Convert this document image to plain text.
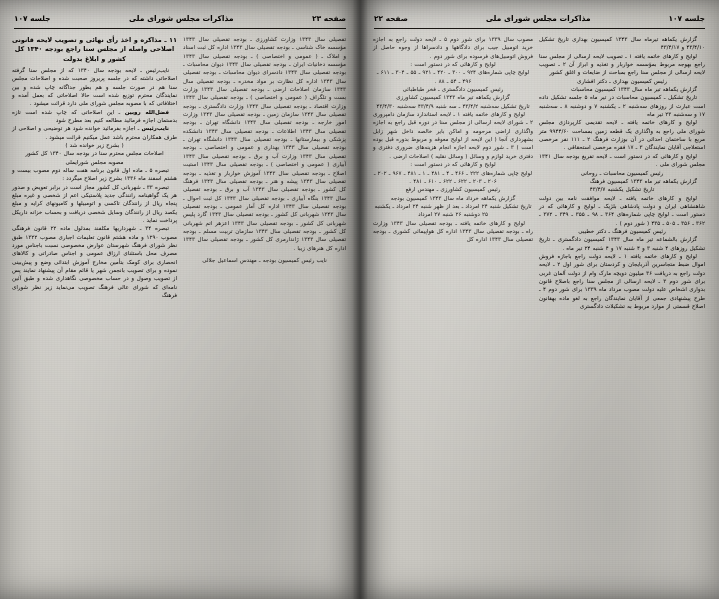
صفحه ۲۳
مذاکرات مجلس شورای ملی
جلسه ۱۰۷

۱۱ ـ مذاکره و اخذ رأی نهائی و تصویب لایحه قانونی اصلاحی واصله از مجلس سنا راجع بودجه ۱۳۴۰ کل کشور و ابلاغ بدولت

نایب‌رئیس ـ لایحه بودجه سال ۱۳۴۰ که از مجلس سنا گرفته اصلاحاتی داشته که در جلسه پریروز صحبت شده و اصلاحات مجلس سنا هم در صورت جلسه و هم بطور جداگانه چاپ شده و بین نمایندگان محترم توزیع شده است حالا اصلاحاتی که بعمل آمده و اختلافاتی که با مصوبه مجلس شورای ملی دارد قرائت میشود .

فضل‌الله روبین ـ این اصلاحاتی که چاپ شده است تازه بدستمان اجازه فرمائید مطالعه کنیم بعد مطرح شود

نایب‌رئیس ـ اجازه بفرمائید خوانده شود هر توضیحی و اصلاحی از طرف همکاران محترم باشد عمل میکنیم قرائت میشود .

( بشرح زیر خوانده شد )

اصلاحات مجلس محترم سنا در بودجه سال ۱۳۴۰ کل کشور

مصوبه مجلس شورایملی

تبصره ۵ ـ ماده اول قانون برنامه هفت ساله دوم مصوب بیست و هشتم اسفند ماه ۱۳۳۶ بشرح زیر اصلاح میگردد :

تبصره ۳۳ ـ شهربانی کل کشور مجاز است در برابر تعویض و صدور هر یک گواهینامه رانندگی جدید پلاستیکی اعم از شخصی و غیره مبلغ پنجاه ریال از رانندگان تاکسی و اتومبیلها و کامیونهای کرایه و مبلغ یکصد ریال از رانندگان وسایل شخصی دریافت و بحساب خزانه داریکل پرداخت نماید .

تبصره ۳۴ ـ شهرداریها مکلفند بمدلول ماده ۲۲ قانون فرهنگی مصوب ۱۲۹۰ و ماده هشتم قانون تعلیمات اجباری مصوب ۱۳۲۲ طبق نظر شورای فرهنگ شهرستان عوارض مخصوصی نسبت باجناس مورد مصرف محل باستثنای ارزاق عمومی و اجناس صادراتی و کالاهای انحصاری برای کومک بتأمین مخارج آموزش ابتدائی وضع و پیش‌بینی نموده و برای تصویب بانجمن شهر یا قائم مقام آن پیشنهاد نمایند پس از تصویب وصول و در حساب مخصوصی نگاهداری شده و طبق آئین نامه‌ای که شورای عالی فرهنگ تصویب می‌نماید زیر نظر شورای فرهنگ

تفصیلی سال ۱۳۴۳ وزارت کشاورزی ـ بودجه تفصیلی سال ۱۳۴۳ مؤسسه خاک شناسی ـ بودجه تفصیلی سال ۱۳۴۳ اداره کل ثبت اسناد و املاک ـ ( عمومی و اختصاصی ) ـ بودجه تفصیلی سال ۱۳۴۳ مؤسسه دخانیات ایران ـ بودجه تفصیلی سال ۱۳۴۳ دیوان محاسبات ـ بودجه تفصیلی سال ۱۳۴۳ دادسرای دیوان محاسبات ـ بودجه تفصیلی سال ۱۳۴۳ اداره کل نظارت بر مواد مخدره ـ بودجه تفصیلی سال ۱۳۴۳ سازمان اصلاحات ارضی ـ بودجه تفصیلی سال ۱۳۴۳ وزارت بست و تلگراف ( عمومی و اختصاصی ) ـ بودجه تفصیلی سال ۱۳۴۳ وزارت اقتصاد ـ بودجه تفصیلی سال ۱۳۴۳ وزارت دادگستری ـ بودجه تفصیلی سال ۱۳۴۳ سازمان زمین ـ بودجه تفصیلی سال ۱۳۴۳ وزارت امور خارجه ـ بودجه تفصیلی سال ۱۳۴۳ دانشگاه تهران ـ بودجه تفصیلی سال ۱۳۴۳ اطلاعات ـ بودجه تفصیلی سال ۱۳۴۳ دانشکده پزشکی و بیمارستانها ـ بودجه تفصیلی سال ۱۳۴۳ دانشگاه تهران ـ بودجه تفصیلی سال ۱۳۴۳ بهداری و عمومی و اختصاصی ـ بودجه تفصیلی سال ۱۳۴۳ وزارت آب و برق ـ بودجه تفصیلی سال ۱۳۴۳ آبیاری ( عمومی و اختصاصی ) ـ بودجه تفصیلی سال ۱۳۴۳ استیت اصلاح ـ بودجه تفصیلی سال ۱۳۴۳ آموزش خواربار و تغذیه ـ بودجه تفصیلی سال ۱۳۴۳ پیشه و هنر ـ بودجه تفصیلی سال ۱۳۴۳ فرهنگ کل کشور ـ بودجه تفصیلی سال ۱۳۴۳ آب و برق ـ بودجه تفصیلی سال ۱۳۴۳ بنگاه آبیاری ـ بودجه تفصیلی سال ۱۳۴۳ کل ثبت احوال ـ بودجه تفصیلی سال ۱۳۴۳ اداره کل آمار عمومی ـ بودجه تفصیلی سال ۱۳۴۳ شهربانی کل کشور ـ بودجه تفصیلی سال ۱۳۴۳ گارد پلیس شهربانی کل کشور ـ بودجه تفصیلی سال ۱۳۴۳ اعزهر اتم شهربانی کل کشور ـ بودجه تفصیلی سال ۱۳۴۳ سازمان تربیت مسلم ـ بودجه تفصیلی سال ۱۳۴۳ ژاندارمری کل کشور ـ بودجه تفصیلی سال ۱۳۴۳ اداره کل هنرهای زیبا .

نایب رئیس کمیسیون بودجه ـ مهندس اسماعیل جلالی

جلسه ۱۰۷
مذاکرات مجلس شورای ملی
صفحه ۲۲

گزارش یکماهه تیرماه سال ۱۳۴۳ کمیسیون بهداری تاریخ تشکیل ۴۳/۴/۱۰ و ۴۳/۴/۱۷

لوایح و کارهای خاتمه یافته ۱ ـ تصویب لایحه ارسالی از مجلس سنا راجع بهوجه مربوط بمؤسسه خواربار و تغذیه و ابراز آن ۲ ـ تصویب لایحه ارسالی از مجلس سنا راجع بمباحث از ضایعات و اغلق کشور

رئیس کمیسیون بهداری ـ دکتر افشاری

گزارش یکماهه تیر ماه سال ۱۳۴۳ کمیسیون محاسبات

تاریخ تشکیل ـ کمیسیون محاسبات در تیر ماه ۵ جلسه تشکیل داده است عبارت از روزهای سه‌شنبه ۲ ـ یکشنبه ۷ و دوشنبه ۸ ـ سه‌شنبه ۱۷ و سه‌شنبه ۲۳ تیر ماه

لوایح و کارهای خاتمه یافته ـ لایحه تقدیمی کارپردازی مجلس شورای ملی راجع به واگذاری یک قطعه زمین بمساحت ۹۹۴۴/۶۰ متر مربع با ساختمان احداثی در آن بوزارت فرهنگ ۲ ـ ۱۱۱ نفر مرخصی استعلاجی آقایان نمایندگان ۳ ـ ۱۷ فقره مرخصی استحقاقی .

لوایح و کارهائی که در دستور است ـ لایحه تفریغ بودجه سال ۱۳۴۱ مجلس شورای ملی .

رئیس کمیسیون محاسبات ـ روحانی

گزارش یکماهه تیر ماه ۱۳۴۳ کمیسیون فرهنگ

تاریخ تشکیل یکشنبه ۴۳/۴/۷

لوایح و کارهای خاتمه یافته ـ لایحه موافقت نامه بین دولت شاهنشاهی ایران و دولت پادشاهی بلژیک ـ لوایح و کارهائی که در دستور است ـ لوایح چاپی شماره‌های ۳۶۴ ـ ۹۸ ـ ۳۵۵ ـ ۳۴۹ ـ ۳۷۲ ـ ۳۶۲ ـ ۳۵۶ ـ ۵۰۵ ـ ۴۳۵ ( شور دوم ) .

رئیس کمیسیون فرهنگ ـ دکتر خطیبی

گزارش بالشماعه تیر ماه سال ۱۳۴۳ کمیسیون دادگستری ـ تاریخ تشکیل روزهای ۴ شنبه ۳ و ۴ شنبه ۱۷ و ۴ شنبه ۲۴ تیر ماه .

لوایح و کارهای خاتمه یافته ۱ ـ لایحه دولت راجع باجازه فروش اموال ضبط متجاسرین آذربایجان و کردستان برای شور اول ۲ ـ لایحه دولت راجع به دریافت ۳۶ میلیون دویچه مارک وام از دولت آلمان غربی برای شور دوم ۳ ـ لایحه ارسالی از مجلس سنا راجع باصلاح قانون بدواری اشخاص علیه دولت مصوب مرداد ماه ۱۳۳۹ برای شور دوم ۴ ـ طرح پیشنهادی جمعی از آقایان نمایندگان راجع به لغو ماده بهقانون اصلاح قسمتی از موارد مربوط به تشکیلات دادگستری

مصوب سال ۱۳۳۹ برای شور دوم ۵ ـ لایحه دولت راجع به اجازه خرید اتومبیل جیب برای دادگاهها و دادسراها از وجوه حاصل از فروش اتومبیل‌های فرسوده برای شور دوم .

لوایح و کارهائی که در دستور است :

لوایح چاپی شماره‌های ۹۲۴ ـ ۳۰۰ ـ ۴۲۰ ـ ۹۲۱ ـ ۵۵ ـ ۳۰۴ ـ ۶۱۱ ـ ۴۹۶ ـ ۵۴ ـ ۸۸ .

رئیس کمیسیون دادگستری ـ فخر طباطبائی

گزارش یکماهه تیر ماه ۱۳۴۳ کمیسیون کشاورزی

تاریخ تشکیل سه‌شنبه ۴۳/۴/۲ ـ سه شنبه ۴۳/۴/۹ سه‌شنبه ۴۳/۴/۳۰

لوایح و کارهای خاتمه یافته ۱ ـ لایحه استاندارد سازمان دامپروری ۲ ـ شورای لایحه ارسالی از مجلس سنا در دوره قبل راجع به اجازه واگذاری اراضی مرحومه و اماکن بایر خالصه داخل شهر زابل بشهرداری آنجا ( این لایحه از لوایح معوقه و مربوط بدوره قبل بوده است ) ۳ ـ شور دوم لایحه اجازه انجام هزینه‌های ضروری دفتری و دفتری خرید لوازم و وسائل ( وسائل نقلیه ) اصلاحات ارضی .

لوایح و کارهائی که در دستور است :

لوایح چاپی شماره‌های ۲۲۲ ـ ۴۶۶ ـ ۴ ـ ۴۸۱ ـ ۱ ـ ۴۸۱ ـ ۹۶۷ ـ ۲۰۲ ـ ۲۰۶ ـ ۲۰۳ ـ ۶۲۲ ـ ۶۲۲ ـ ۶۱۰ ـ ۴۸۱ .

رئیس کمیسیون کشاورزی ـ مهندس ارفع

گزارش یکماهه خرداد ماه سال ۱۳۴۳ کمیسیون بودجه

تاریخ تشکیل شنبه ۲۴ امرداد ـ بعد از ظهر شنبه ۲۴ امرداد ـ یکشنبه ۲۵ دوشنبه ۲۶ شنبه ۲۷ امرداد

لوایح و کارهای خاتمه یافته ـ بودجه تفصیلی سال ۱۳۴۳ وزارت راه ـ بودجه تفصیلی سال ۱۳۴۳ اداره کل هواپیمائی کشوری ـ بودجه تفصیلی سال ۱۳۴۳ اداره کل
